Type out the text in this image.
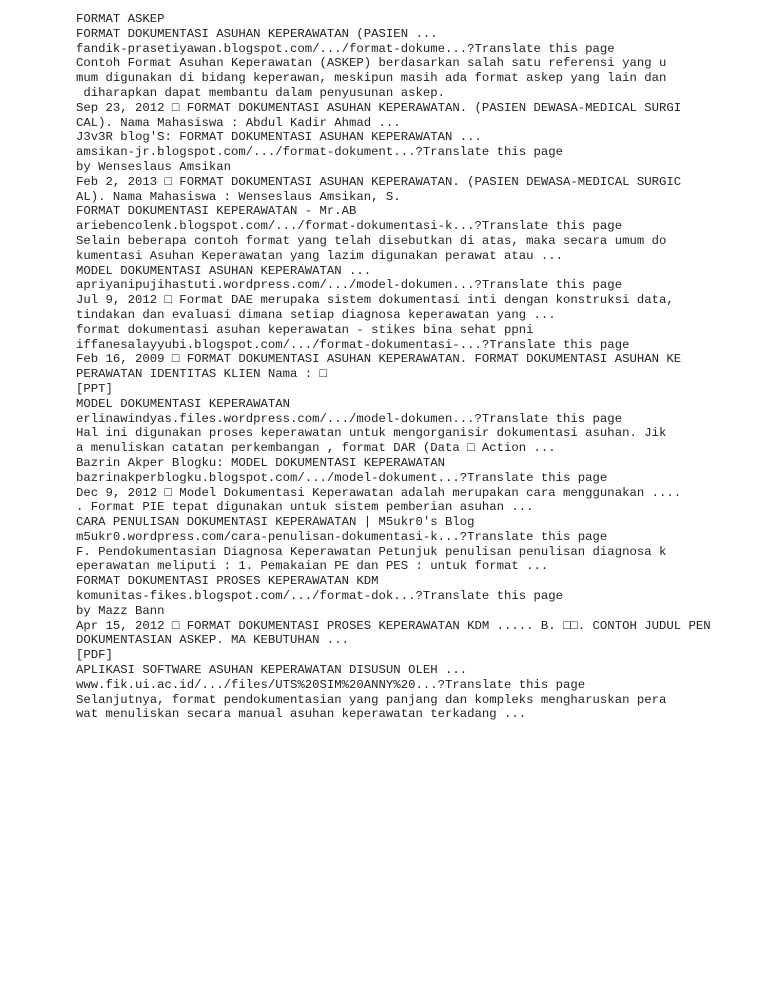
FORMAT ASKEP
FORMAT DOKUMENTASI ASUHAN KEPERAWATAN (PASIEN ...
fandik-prasetiyawan.blogspot.com/.../format-dokume...?Translate this page
Contoh Format Asuhan Keperawatan (ASKEP) berdasarkan salah satu referensi yang u
mum digunakan di bidang keperawan, meskipun masih ada format askep yang lain dan
diharapkan dapat membantu dalam penyusunan askep.
Sep 23, 2012 □ FORMAT DOKUMENTASI ASUHAN KEPERAWATAN. (PASIEN DEWASA-MEDICAL SURGI
CAL). Nama Mahasiswa : Abdul Kadir Ahmad ...
J3v3R blog'S: FORMAT DOKUMENTASI ASUHAN KEPERAWATAN ...
amsikan-jr.blogspot.com/.../format-dokument...?Translate this page
by Wenseslaus Amsikan
Feb 2, 2013 □ FORMAT DOKUMENTASI ASUHAN KEPERAWATAN. (PASIEN DEWASA-MEDICAL SURGIC
AL). Nama Mahasiswa : Wenseslaus Amsikan, S.
FORMAT DOKUMENTASI KEPERAWATAN - Mr.AB
ariebencolenk.blogspot.com/.../format-dokumentasi-k...?Translate this page
Selain beberapa contoh format yang telah disebutkan di atas, maka secara umum do
kumentasi Asuhan Keperawatan yang lazim digunakan perawat atau ...
MODEL DOKUMENTASI ASUHAN KEPERAWATAN ...
apriyanipujihastuti.wordpress.com/.../model-dokumen...?Translate this page
Jul 9, 2012 □ Format DAE merupaka sistem dokumentasi inti dengan konstruksi data,
tindakan dan evaluasi dimana setiap diagnosa keperawatan yang ...
format dokumentasi asuhan keperawatan - stikes bina sehat ppni
iffanesalayyubi.blogspot.com/.../format-dokumentasi-...?Translate this page
Feb 16, 2009 □ FORMAT DOKUMENTASI ASUHAN KEPERAWATAN. FORMAT DOKUMENTASI ASUHAN KE
PERAWATAN IDENTITAS KLIEN Nama : □
[PPT]
MODEL DOKUMENTASI KEPERAWATAN
erlinawindyas.files.wordpress.com/.../model-dokumen...?Translate this page
Hal ini digunakan proses keperawatan untuk mengorganisir dokumentasi asuhan. Jik
a menuliskan catatan perkembangan , format DAR (Data □ Action ...
Bazrin Akper Blogku: MODEL DOKUMENTASI KEPERAWATAN
bazrinakperblogku.blogspot.com/.../model-dokument...?Translate this page
Dec 9, 2012 □ Model Dokumentasi Keperawatan adalah merupakan cara menggunakan ....
. Format PIE tepat digunakan untuk sistem pemberian asuhan ...
CARA PENULISAN DOKUMENTASI KEPERAWATAN | M5ukr0's Blog
m5ukr0.wordpress.com/cara-penulisan-dokumentasi-k...?Translate this page
F. Pendokumentasian Diagnosa Keperawatan Petunjuk penulisan penulisan diagnosa k
eperawatan meliputi : 1. Pemakaian PE dan PES : untuk format ...
FORMAT DOKUMENTASI PROSES KEPERAWATAN KDM
komunitas-fikes.blogspot.com/.../format-dok...?Translate this page
by Mazz Bann
Apr 15, 2012 □ FORMAT DOKUMENTASI PROSES KEPERAWATAN KDM ..... B. □□. CONTOH JUDUL PEN
DOKUMENTASIAN ASKEP. MA KEBUTUHAN ...
[PDF]
APLIKASI SOFTWARE ASUHAN KEPERAWATAN DISUSUN OLEH ...
www.fik.ui.ac.id/.../files/UTS%20SIM%20ANNY%20...?Translate this page
Selanjutnya, format pendokumentasian yang panjang dan kompleks mengharuskan pera
wat menuliskan secara manual asuhan keperawatan terkadang ...
